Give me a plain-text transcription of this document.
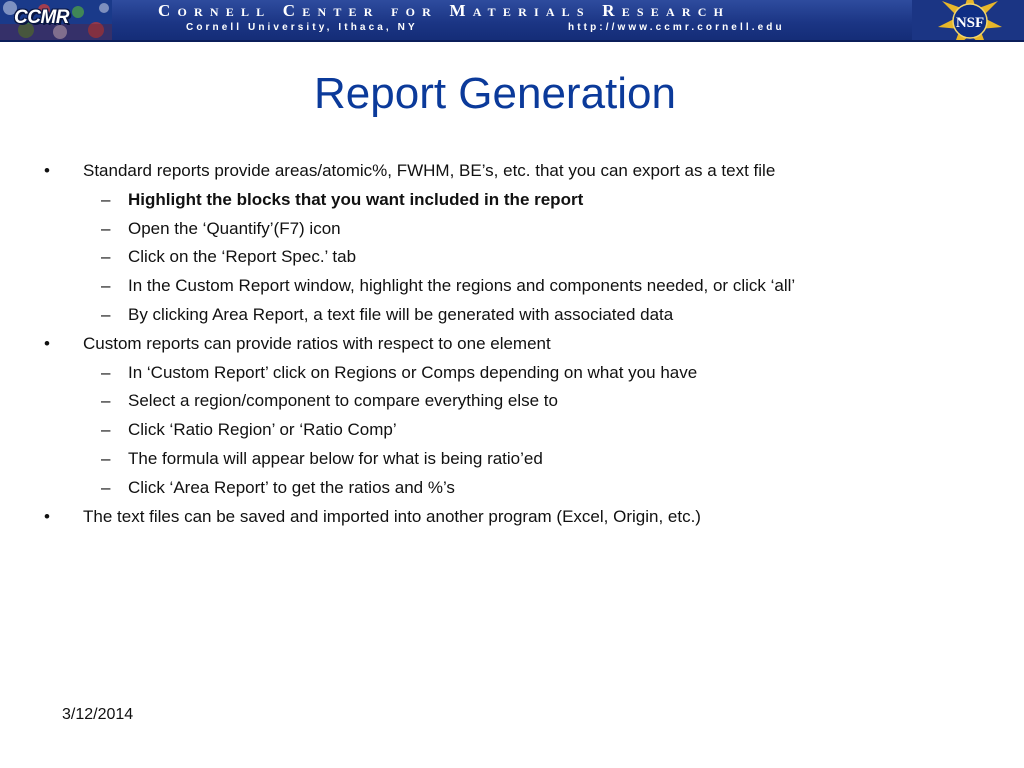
CCMR	Cornell Center for Materials Research
Cornell University, Ithaca, NY	http://www.ccmr.cornell.edu	NSF
Report Generation
• Standard reports provide areas/atomic%, FWHM, BE’s, etc. that you can export as a text file
– Highlight the blocks that you want included in the report
– Open the ‘Quantify’(F7) icon
– Click on the ‘Report Spec.’ tab
– In the Custom Report window, highlight the regions and components needed, or click ‘all’
– By clicking Area Report, a text file will be generated with associated data
• Custom reports can provide ratios with respect to one element
– In ‘Custom Report’ click on Regions or Comps depending on what you have
– Select a region/component to compare everything else to
– Click ‘Ratio Region’ or ‘Ratio Comp’
– The formula will appear below for what is being ratio’ed
– Click ‘Area Report’ to get the ratios and %’s
• The text files can be saved and imported into another program (Excel, Origin, etc.)
3/12/2014
